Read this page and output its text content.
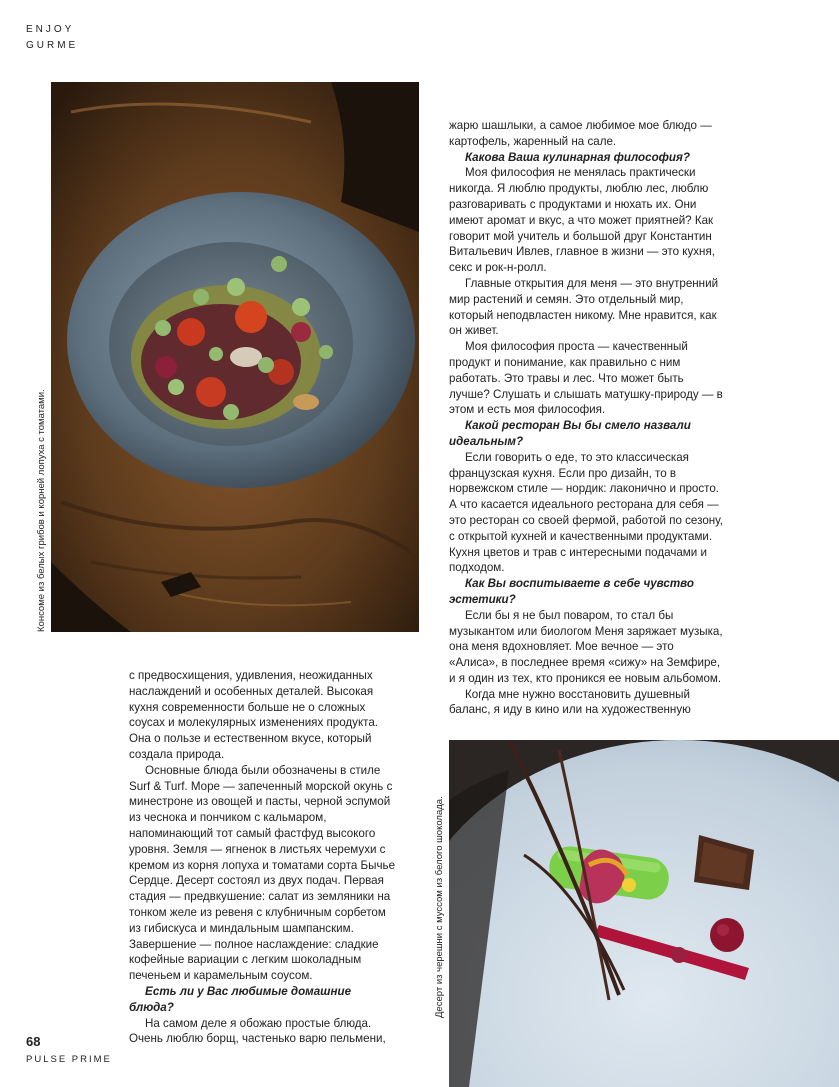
ENJOY
GURME
Консоме из белых грибов и корней лопуха с томатами.

жарю шашлыки, а самое любимое мое блюдо — картофель, жаренный на сале.

Какова Ваша кулинарная философия?

Моя философия не менялась практически никогда. Я люблю продукты, люблю лес, люблю разговаривать с продуктами и нюхать их. Они имеют аромат и вкус, а что может приятней? Как говорит мой учитель и большой друг Константин Витальевич Ивлев, главное в жизни — это кухня, секс и рок-н-ролл.

Главные открытия для меня — это внутренний мир растений и семян. Это отдельный мир, который неподвластен никому. Мне нравится, как он живет.

Моя философия проста — качественный продукт и понимание, как правильно с ним работать. Это травы и лес. Что может быть лучше? Слушать и слышать матушку-природу — в этом и есть моя философия.

Какой ресторан Вы бы смело назвали идеальным?

Если говорить о еде, то это классическая французская кухня. Если про дизайн, то в норвежском стиле — нордик: лаконично и просто. А что касается идеального ресторана для себя — это ресторан со своей фермой, работой по сезону, с открытой кухней и качественными продуктами. Кухня цветов и трав с интересными подачами и подходом.

Как Вы воспитываете в себе чувство эстетики?

Если бы я не был поваром, то стал бы музыкантом или биологом Меня заряжает музыка, она меня вдохновляет. Мое вечное — это «Алиса», в последнее время «сижу» на Земфире, и я один из тех, кто проникся ее новым альбомом.

Когда мне нужно восстановить душевный баланс, я иду в кино или на художественную

с предвосхищения, удивления, неожиданных наслаждений и особенных деталей. Высокая кухня современности больше не о сложных соусах и молекулярных изменениях продукта. Она о пользе и естественном вкусе, который создала природа.

Основные блюда были обозначены в стиле Surf & Turf. Море — запеченный морской окунь с минестроне из овощей и пасты, черной эспумой из чеснока и пончиком с кальмаром, напоминающий тот самый фастфуд высокого уровня. Земля — ягненок в листьях черемухи с кремом из корня лопуха и томатами сорта Бычье Сердце. Десерт состоял из двух подач. Первая стадия — предвкушение: салат из земляники на тонком желе из ревеня с клубничным сорбетом из гибискуса и миндальным шампанским. Завершение — полное наслаждение: сладкие кофейные вариации с легким шоколадным печеньем и карамельным соусом.

Есть ли у Вас любимые домашние блюда?

На самом деле я обожаю простые блюда. Очень люблю борщ, частенько варю пельмени,

Десерт из черешни с муссом из белого шоколада.
68
PULSE PRIME
